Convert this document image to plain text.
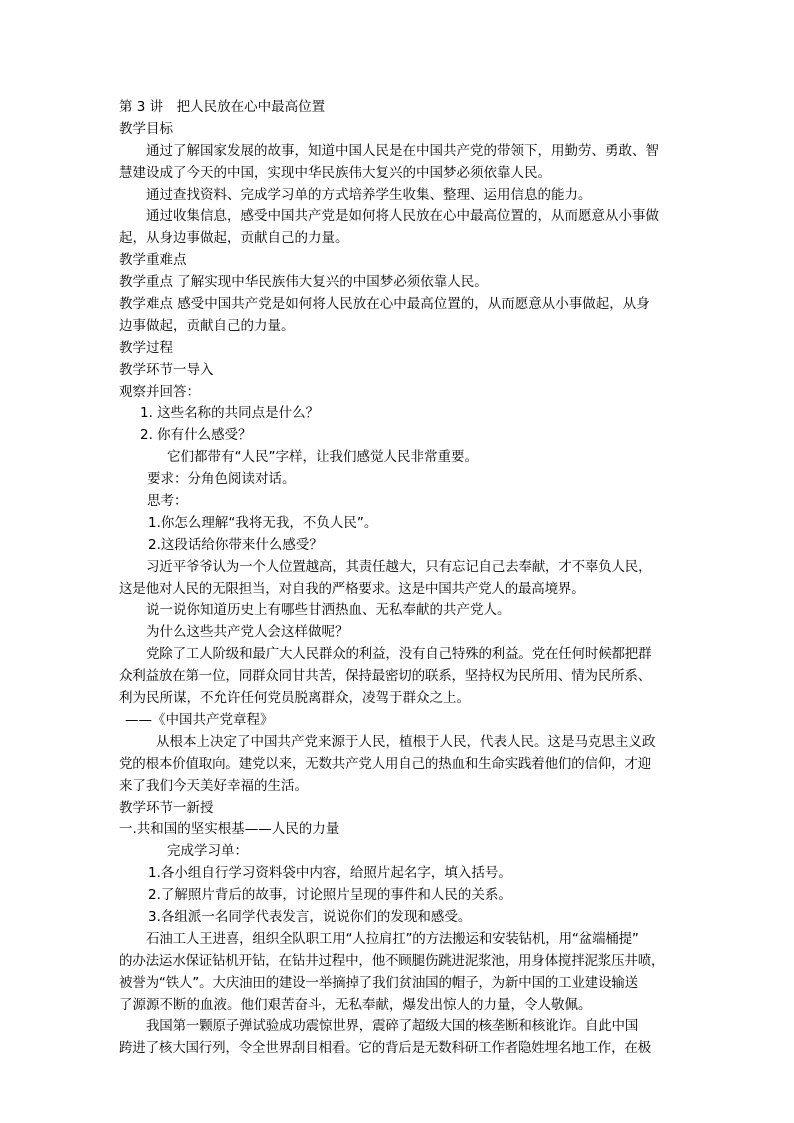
第 3 讲　把人民放在心中最高位置
教学目标
通过了解国家发展的故事，知道中国人民是在中国共产党的带领下，用勤劳、勇敢、智
慧建设成了今天的中国，实现中华民族伟大复兴的中国梦必须依靠人民。
通过查找资料、完成学习单的方式培养学生收集、整理、运用信息的能力。
通过收集信息，感受中国共产党是如何将人民放在心中最高位置的，从而愿意从小事做
起，从身边事做起，贡献自己的力量。
教学重难点
教学重点 了解实现中华民族伟大复兴的中国梦必须依靠人民。
教学难点 感受中国共产党是如何将人民放在心中最高位置的，从而愿意从小事做起，从身
边事做起，贡献自己的力量。
教学过程
教学环节一导入
观察并回答：
1. 这些名称的共同点是什么？
2. 你有什么感受？
它们都带有“人民”字样，让我们感觉人民非常重要。
要求：分角色阅读对话。
思考：
1.你怎么理解“我将无我，不负人民”。
2.这段话给你带来什么感受？
习近平爷爷认为一个人位置越高，其责任越大，只有忘记自己去奉献，才不辜负人民，
这是他对人民的无限担当，对自我的严格要求。这是中国共产党人的最高境界。
说一说你知道历史上有哪些甘洒热血、无私奉献的共产党人。
为什么这些共产党人会这样做呢？
党除了工人阶级和最广大人民群众的利益，没有自己特殊的利益。党在任何时候都把群
众利益放在第一位，同群众同甘共苦，保持最密切的联系，坚持权为民所用、情为民所系、
利为民所谋，不允许任何党员脱离群众，凌驾于群众之上。
——《中国共产党章程》
从根本上决定了中国共产党来源于人民，植根于人民，代表人民。这是马克思主义政
党的根本价值取向。建党以来，无数共产党人用自己的热血和生命实践着他们的信仰，才迎
来了我们今天美好幸福的生活。
教学环节一新授
一.共和国的坚实根基——人民的力量
完成学习单：
1.各小组自行学习资料袋中内容，给照片起名字，填入括号。
2.了解照片背后的故事，讨论照片呈现的事件和人民的关系。
3.各组派一名同学代表发言，说说你们的发现和感受。
石油工人王进喜，组织全队职工用“人拉肩扛”的方法搬运和安装钻机，用“盆端桶提”
的办法运水保证钻机开钻，在钻井过程中，他不顾腿伤跳进泥浆池，用身体搅拌泥浆压井喷，
被誉为“铁人”。大庆油田的建设一举摘掉了我们贫油国的帽子，为新中国的工业建设输送
了源源不断的血液。他们艰苦奋斗，无私奉献，爆发出惊人的力量，令人敬佩。
我国第一颗原子弹试验成功震惊世界，震碎了超级大国的核垄断和核讹诈。自此中国
跨进了核大国行列，令全世界刮目相看。它的背后是无数科研工作者隐姓埋名地工作，在极
